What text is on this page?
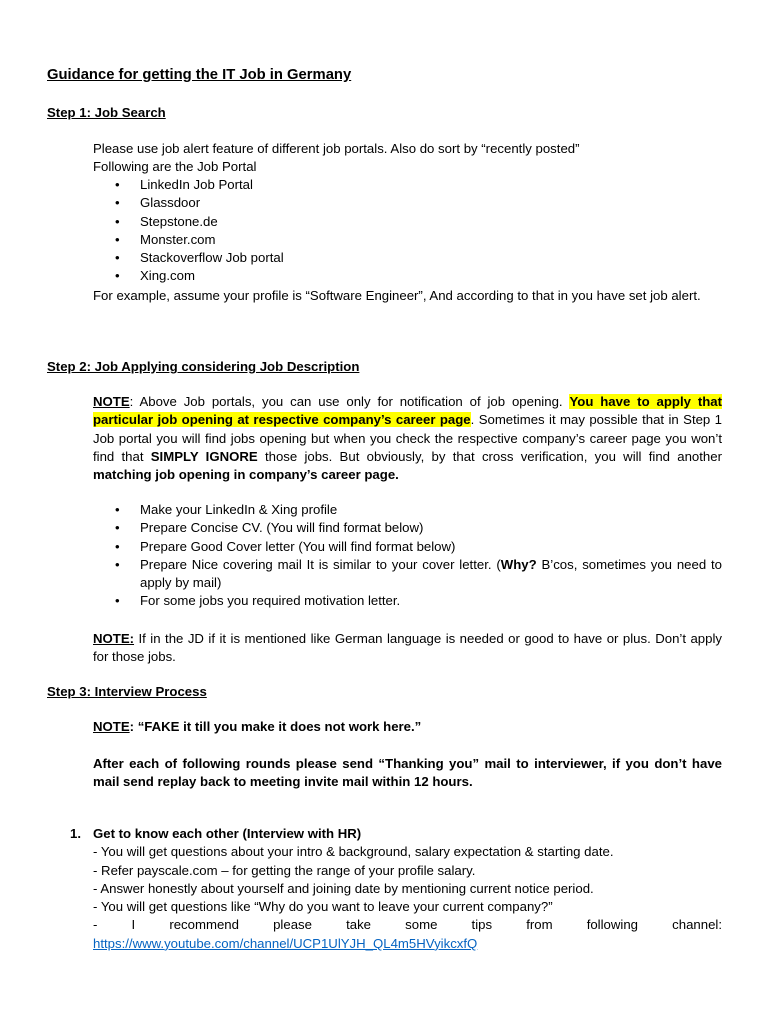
Guidance for getting the IT Job in Germany
Step 1: Job Search
Please use job alert feature of different job portals. Also do sort by “recently posted”
Following are the Job Portal
• LinkedIn Job Portal
• Glassdoor
• Stepstone.de
• Monster.com
• Stackoverflow Job portal
• Xing.com
For example, assume your profile is “Software Engineer”, And according to that in you have set job alert.
Step 2: Job Applying considering Job Description
NOTE: Above Job portals, you can use only for notification of job opening. You have to apply that particular job opening at respective company’s career page. Sometimes it may possible that in Step 1 Job portal you will find jobs opening but when you check the respective company’s career page you won’t find that SIMPLY IGNORE those jobs. But obviously, by that cross verification, you will find another matching job opening in company’s career page.
• Make your LinkedIn & Xing profile
• Prepare Concise CV. (You will find format below)
• Prepare Good Cover letter (You will find format below)
• Prepare Nice covering mail It is similar to your cover letter. (Why? B’cos, sometimes you need to apply by mail)
• For some jobs you required motivation letter.
NOTE: If in the JD if it is mentioned like German language is needed or good to have or plus. Don’t apply for those jobs.
Step 3: Interview Process
NOTE: “FAKE it till you make it does not work here.”
After each of following rounds please send “Thanking you” mail to interviewer, if you don’t have mail send replay back to meeting invite mail within 12 hours.
1. Get to know each other (Interview with HR)
- You will get questions about your intro & background, salary expectation & starting date.
- Refer payscale.com – for getting the range of your profile salary.
- Answer honestly about yourself and joining date by mentioning current notice period.
- You will get questions like “Why do you want to leave your current company?”
-	I	recommend	please	take	some	tips	from	following	channel:
https://www.youtube.com/channel/UCP1UlYJH_QL4m5HVyikcxfQ
